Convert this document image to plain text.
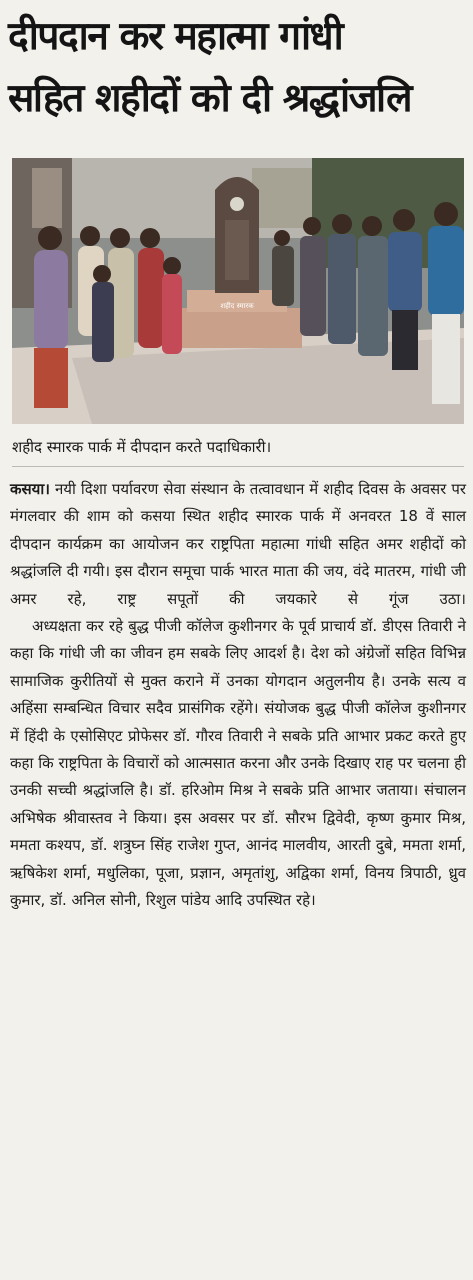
दीपदान कर महात्मा गांधी
सहित शहीदों को दी श्रद्धांजलि
शहीद स्मारक
शहीद स्मारक पार्क में दीपदान करते पदाधिकारी।

कसया। नयी दिशा पर्यावरण सेवा संस्थान के तत्वावधान में शहीद दिवस के अवसर पर मंगलवार की शाम को कसया स्थित शहीद स्मारक पार्क में अनवरत 18 वें साल दीपदान कार्यक्रम का आयोजन कर राष्ट्रपिता महात्मा गांधी सहित अमर शहीदों को श्रद्धांजलि दी गयी। इस दौरान समूचा पार्क भारत माता की जय, वंदे मातरम, गांधी जी अमर रहे, राष्ट्र सपूतों की जयकारे से गूंज उठा।

अध्यक्षता कर रहे बुद्ध पीजी कॉलेज कुशीनगर के पूर्व प्राचार्य डॉ. डीएस तिवारी ने कहा कि गांधी जी का जीवन हम सबके लिए आदर्श है। देश को अंग्रेजों सहित विभिन्न सामाजिक कुरीतियों से मुक्त कराने में उनका योगदान अतुलनीय है। उनके सत्य व अहिंसा सम्बन्धित विचार सदैव प्रासंगिक रहेंगे। संयोजक बुद्ध पीजी कॉलेज कुशीनगर में हिंदी के एसोसिएट प्रोफेसर डॉ. गौरव तिवारी ने सबके प्रति आभार प्रकट करते हुए कहा कि राष्ट्रपिता के विचारों को आत्मसात करना और उनके दिखाए राह पर चलना ही उनकी सच्ची श्रद्धांजलि है। डॉ. हरिओम मिश्र ने सबके प्रति आभार जताया। संचालन अभिषेक श्रीवास्तव ने किया। इस अवसर पर डॉ. सौरभ द्विवेदी, कृष्ण कुमार मिश्र, ममता कश्यप, डॉ. शत्रुघ्न सिंह राजेश गुप्त, आनंद मालवीय, आरती दुबे, ममता शर्मा, ऋषिकेश शर्मा, मधुलिका, पूजा, प्रज्ञान, अमृतांशु, अद्विका शर्मा, विनय त्रिपाठी, ध्रुव कुमार, डॉ. अनिल सोनी, रिशुल पांडेय आदि उपस्थित रहे।
